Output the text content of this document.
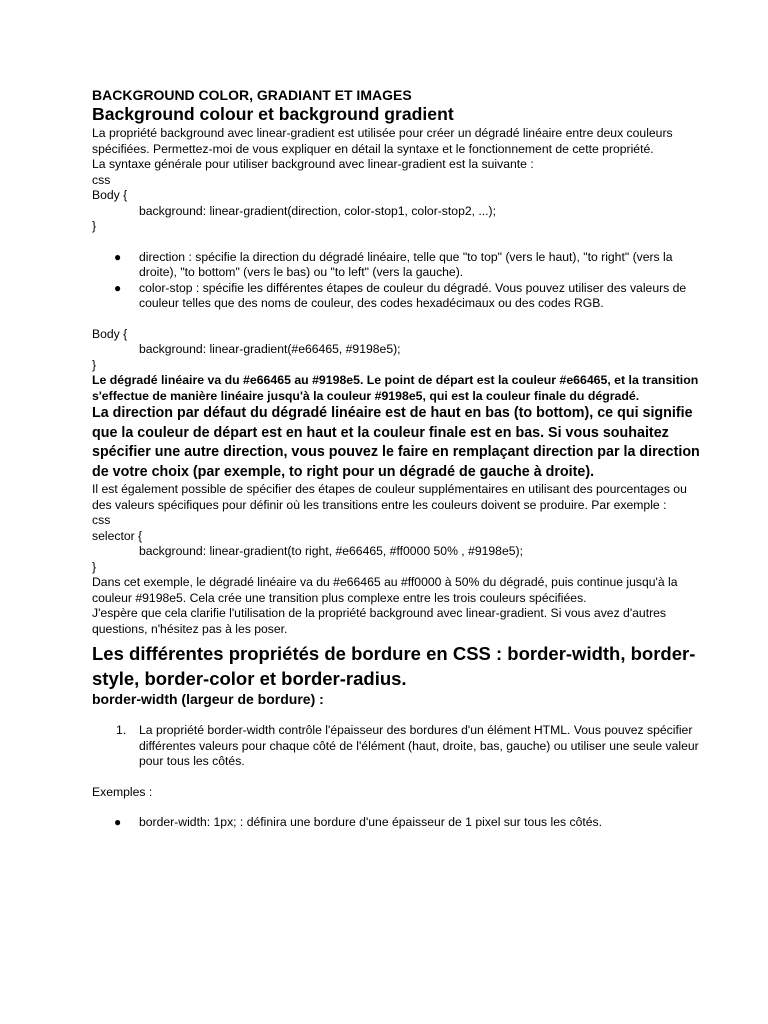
BACKGROUND COLOR, GRADIANT ET IMAGES

Background colour et background gradient

La propriété background avec linear-gradient est utilisée pour créer un dégradé linéaire entre deux couleurs spécifiées. Permettez-moi de vous expliquer en détail la syntaxe et le fonctionnement de cette propriété.

La syntaxe générale pour utiliser background avec linear-gradient est la suivante :

css

Body {

background: linear-gradient(direction, color-stop1, color-stop2, ...);

}

● direction : spécifie la direction du dégradé linéaire, telle que "to top" (vers le haut), "to right" (vers la droite), "to bottom" (vers le bas) ou "to left" (vers la gauche).
● color-stop : spécifie les différentes étapes de couleur du dégradé. Vous pouvez utiliser des valeurs de couleur telles que des noms de couleur, des codes hexadécimaux ou des codes RGB.

Body {

background: linear-gradient(#e66465, #9198e5);

}

Le dégradé linéaire va du #e66465 au #9198e5. Le point de départ est la couleur #e66465, et la transition s'effectue de manière linéaire jusqu'à la couleur #9198e5, qui est la couleur finale du dégradé.

La direction par défaut du dégradé linéaire est de haut en bas (to bottom), ce qui signifie que la couleur de départ est en haut et la couleur finale est en bas. Si vous souhaitez spécifier une autre direction, vous pouvez le faire en remplaçant direction par la direction de votre choix (par exemple, to right pour un dégradé de gauche à droite).

Il est également possible de spécifier des étapes de couleur supplémentaires en utilisant des pourcentages ou des valeurs spécifiques pour définir où les transitions entre les couleurs doivent se produire. Par exemple :

css

selector {

background: linear-gradient(to right, #e66465, #ff0000 50% , #9198e5);

}

Dans cet exemple, le dégradé linéaire va du #e66465 au #ff0000 à 50% du dégradé, puis continue jusqu'à la couleur #9198e5. Cela crée une transition plus complexe entre les trois couleurs spécifiées.

J'espère que cela clarifie l'utilisation de la propriété background avec linear-gradient. Si vous avez d'autres questions, n'hésitez pas à les poser.

Les différentes propriétés de bordure en CSS : border-width, border-style, border-color et border-radius.

border-width (largeur de bordure) :

1. La propriété border-width contrôle l'épaisseur des bordures d'un élément HTML. Vous pouvez spécifier différentes valeurs pour chaque côté de l'élément (haut, droite, bas, gauche) ou utiliser une seule valeur pour tous les côtés.

Exemples :

● border-width: 1px; : définira une bordure d'une épaisseur de 1 pixel sur tous les côtés.
